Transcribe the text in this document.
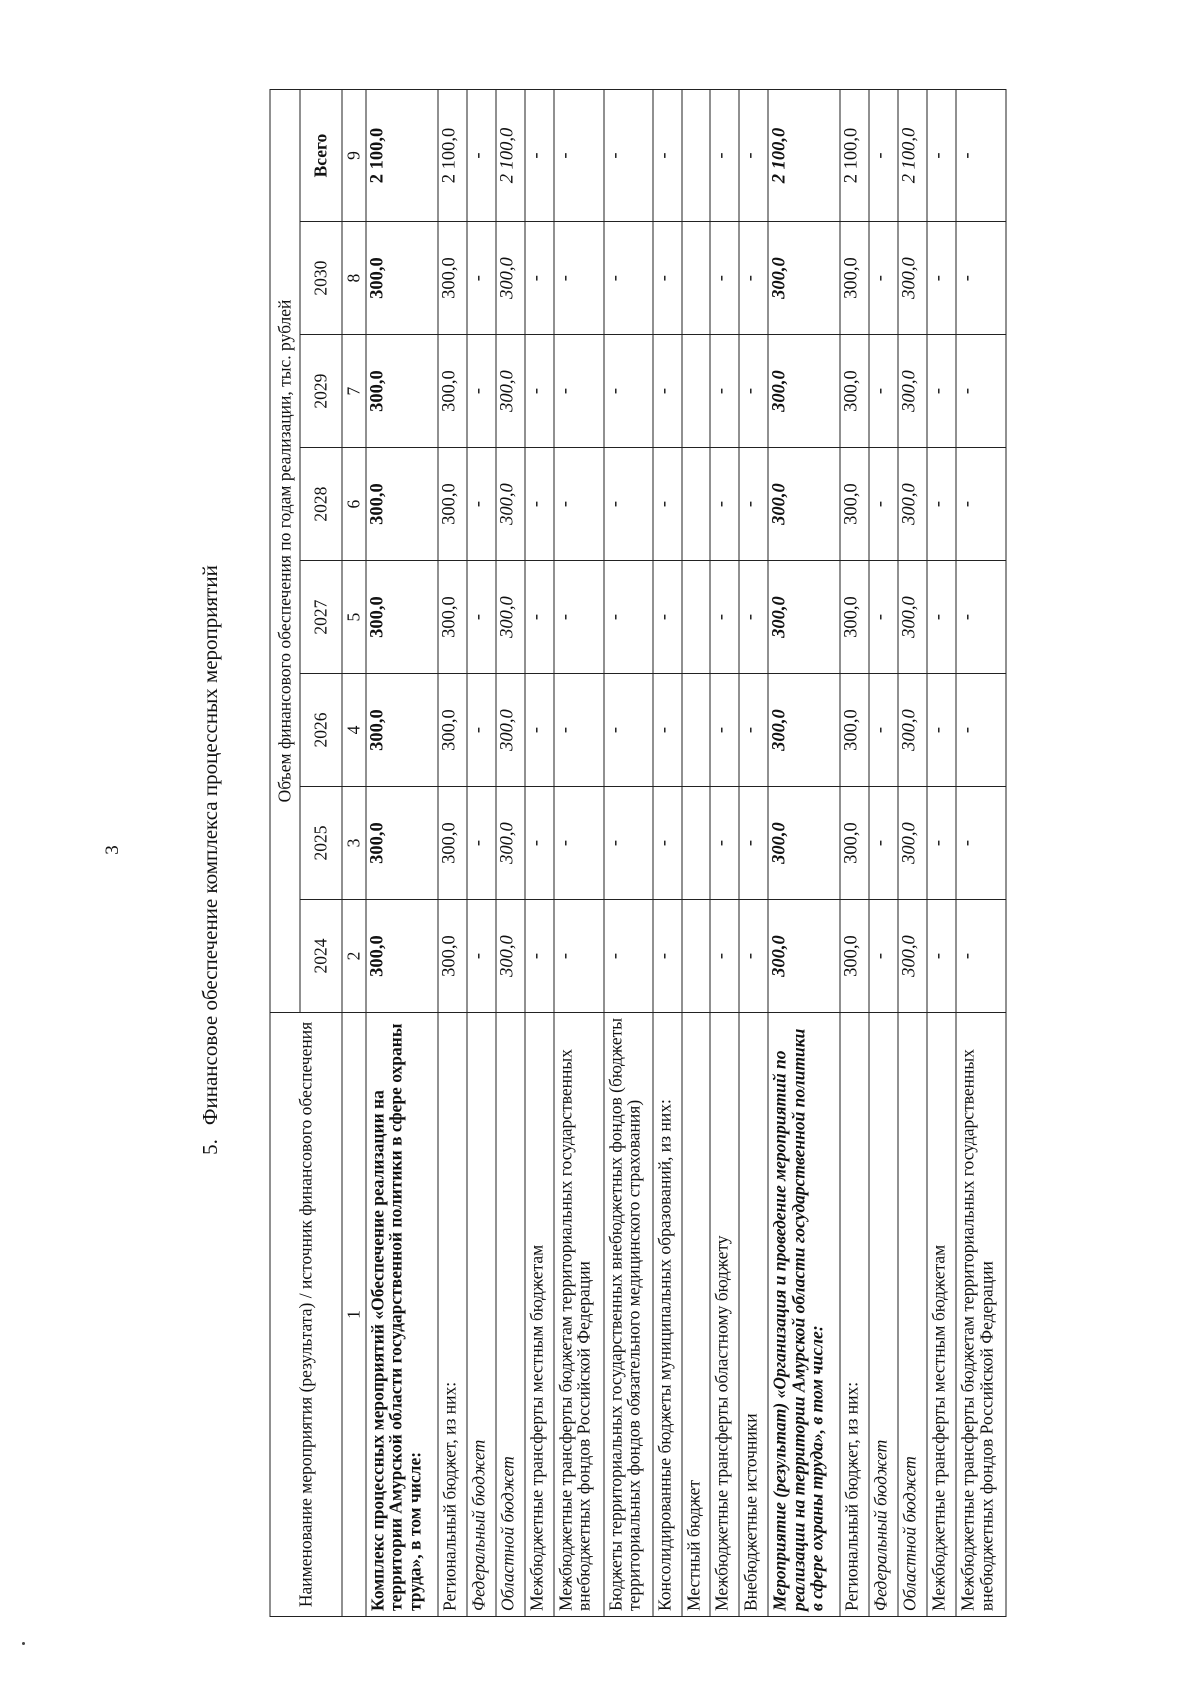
3
5.
Финансовое обеспечение комплекса процессных мероприятий
Наименование мероприятия (результата) / источник финансового обеспечения	Объем финансового обеспечения по годам реализации, тыс. рублей							
	2024	2025	2026	2027	2028	2029	2030	Всего
1	2	3	4	5	6	7	8	9
Комплекс процессных мероприятий «Обеспечение реализации на территории Амурской области государственной политики в сфере охраны труда», в том числе:	300,0	300,0	300,0	300,0	300,0	300,0	300,0	2 100,0
Региональный бюджет, из них:	300,0	300,0	300,0	300,0	300,0	300,0	300,0	2 100,0
Федеральный бюджет	-	-	-	-	-	-	-	-
Областной бюджет	300,0	300,0	300,0	300,0	300,0	300,0	300,0	2 100,0
Межбюджетные трансферты местным бюджетам	-	-	-	-	-	-	-	-
Межбюджетные трансферты бюджетам территориальных государственных внебюджетных фондов Российской Федерации	-	-	-	-	-	-	-	-
Бюджеты территориальных государственных внебюджетных фондов (бюджеты территориальных фондов обязательного медицинского страхования)	-	-	-	-	-	-	-	-
Консолидированные бюджеты муниципальных образований, из них:	-	-	-	-	-	-	-	-
Местный бюджет								
Межбюджетные трансферты областному бюджету	-	-	-	-	-	-	-	-
Внебюджетные источники	-	-	-	-	-	-	-	-
Мероприятие (результат) «Организация и проведение мероприятий по реализации на территории Амурской области государственной политики в сфере охраны труда», в том числе:	300,0	300,0	300,0	300,0	300,0	300,0	300,0	2 100,0
Региональный бюджет, из них:	300,0	300,0	300,0	300,0	300,0	300,0	300,0	2 100,0
Федеральный бюджет	-	-	-	-	-	-	-	-
Областной бюджет	300,0	300,0	300,0	300,0	300,0	300,0	300,0	2 100,0
Межбюджетные трансферты местным бюджетам	-	-	-	-	-	-	-	-
Межбюджетные трансферты бюджетам территориальных государственных внебюджетных фондов Российской Федерации	-	-	-	-	-	-	-	-
